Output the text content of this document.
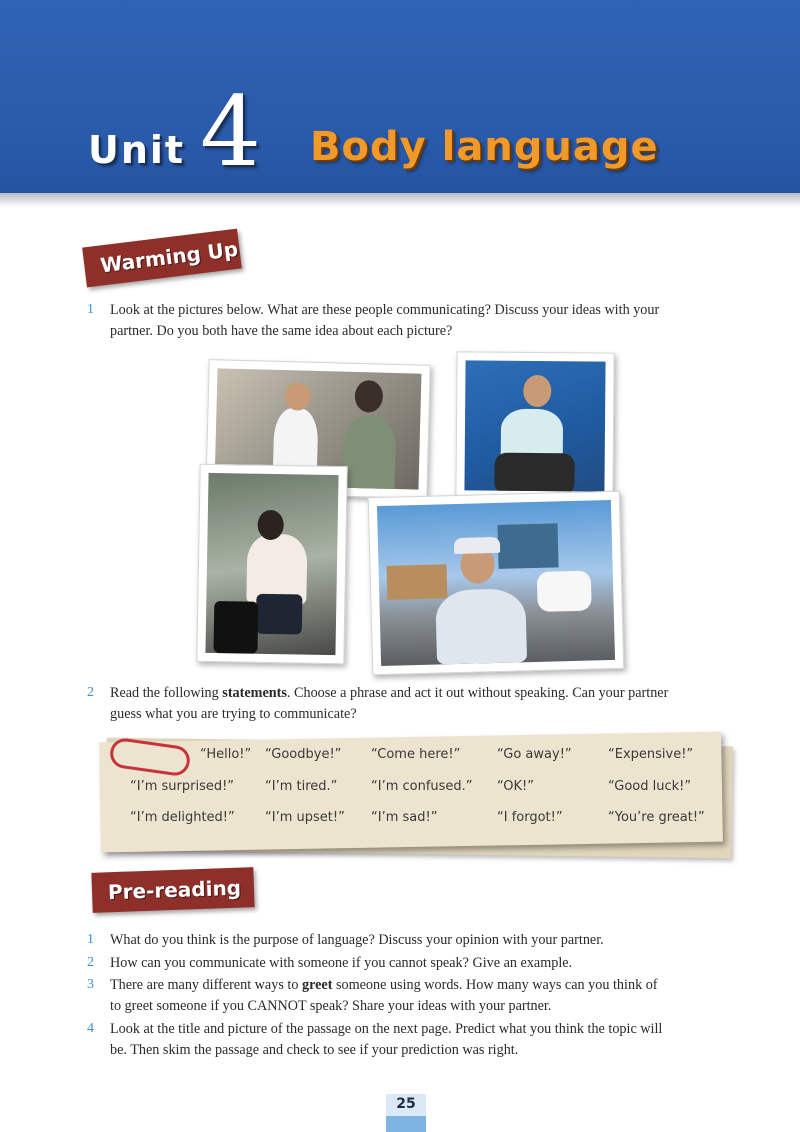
Unit 4 Body language
Warming Up
1 Look at the pictures below. What are these people communicating? Discuss your ideas with your
partner. Do you both have the same idea about each picture?
2 Read the following statements. Choose a phrase and act it out without speaking. Can your partner
guess what you are trying to communicate?
“Hello!” “Goodbye!” “Come here!”	“Go away!”	“Expensive!”
“I’m surprised!” “I’m tired.”	“I’m confused.” “OK!”	“Good luck!”
“I’m delighted!” “I’m upset!” “I’m sad!”	“I forgot!”	“You’re great!”
Pre-reading
1 What do you think is the purpose of language? Discuss your opinion with your partner.
2 How can you communicate with someone if you cannot speak? Give an example.
3 There are many different ways to greet someone using words. How many ways can you think of
to greet someone if you CANNOT speak? Share your ideas with your partner.
4 Look at the title and picture of the passage on the next page. Predict what you think the topic will
be. Then skim the passage and check to see if your prediction was right.
25
